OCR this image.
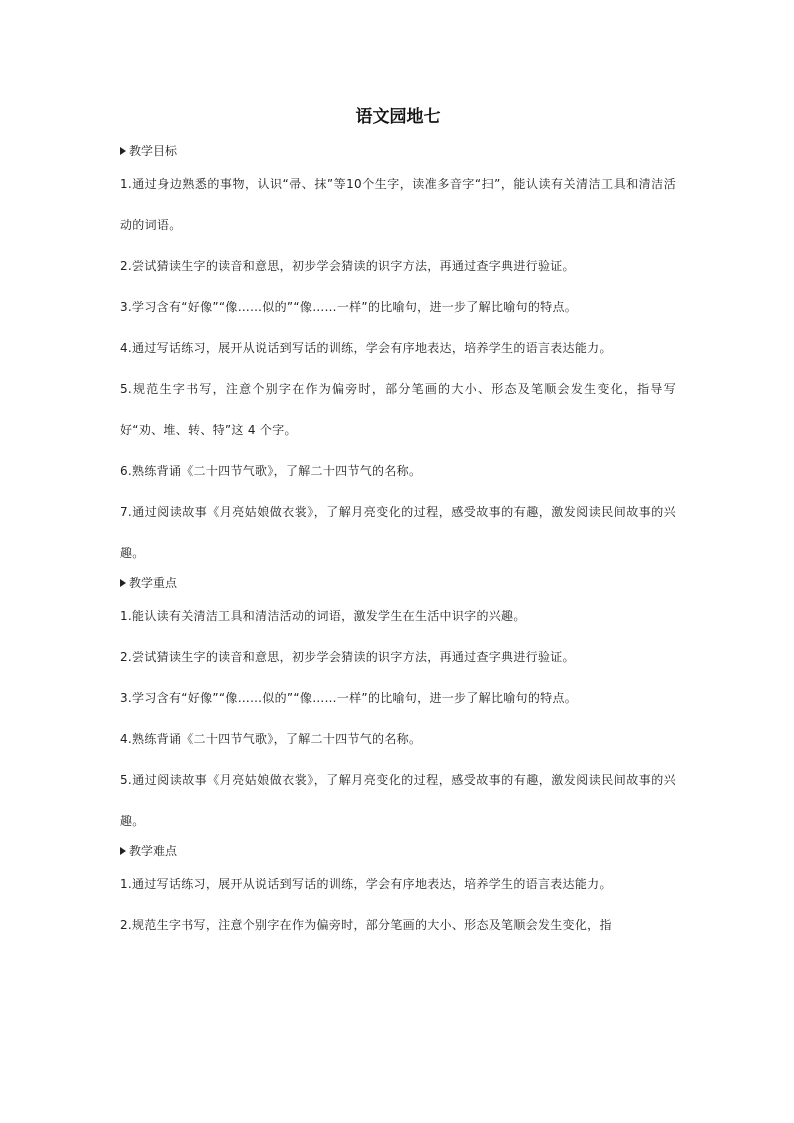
语文园地七
教学目标

1.通过身边熟悉的事物，认识“帚、抹”等10个生字，读准多音字“扫”，能认读有关清洁工具和清洁活动的词语。

2.尝试猜读生字的读音和意思，初步学会猜读的识字方法，再通过查字典进行验证。

3.学习含有“好像”“像……似的”“像……一样”的比喻句，进一步了解比喻句的特点。

4.通过写话练习，展开从说话到写话的训练，学会有序地表达，培养学生的语言表达能力。

5.规范生字书写，注意个别字在作为偏旁时，部分笔画的大小、形态及笔顺会发生变化，指导写好“劝、堆、转、特”这 4 个字。

6.熟练背诵《二十四节气歌》，了解二十四节气的名称。

7.通过阅读故事《月亮姑娘做衣裳》，了解月亮变化的过程，感受故事的有趣，激发阅读民间故事的兴趣。

教学重点

1.能认读有关清洁工具和清洁活动的词语，激发学生在生活中识字的兴趣。

2.尝试猜读生字的读音和意思，初步学会猜读的识字方法，再通过查字典进行验证。

3.学习含有“好像”“像……似的”“像……一样”的比喻句，进一步了解比喻句的特点。

4.熟练背诵《二十四节气歌》，了解二十四节气的名称。

5.通过阅读故事《月亮姑娘做衣裳》，了解月亮变化的过程，感受故事的有趣，激发阅读民间故事的兴趣。

教学难点

1.通过写话练习，展开从说话到写话的训练，学会有序地表达，培养学生的语言表达能力。

2.规范生字书写，注意个别字在作为偏旁时，部分笔画的大小、形态及笔顺会发生变化，指
